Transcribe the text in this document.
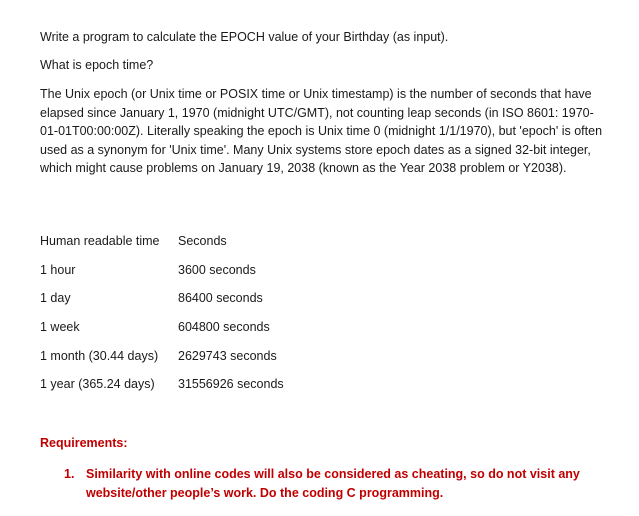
Write a program to calculate the EPOCH value of your Birthday (as input).

What is epoch time?

The Unix epoch (or Unix time or POSIX time or Unix timestamp) is the number of seconds that have elapsed since January 1, 1970 (midnight UTC/GMT), not counting leap seconds (in ISO 8601: 1970-01-01T00:00:00Z). Literally speaking the epoch is Unix time 0 (midnight 1/1/1970), but 'epoch' is often used as a synonym for 'Unix time'. Many Unix systems store epoch dates as a signed 32-bit integer, which might cause problems on January 19, 2038 (known as the Year 2038 problem or Y2038).

Human readable time	Seconds
1 hour	3600 seconds
1 day	86400 seconds
1 week	604800 seconds
1 month (30.44 days)	2629743 seconds
1 year (365.24 days)	31556926 seconds
Requirements:
1. Similarity with online codes will also be considered as cheating, so do not visit any website/other people’s work. Do the coding C programming.
